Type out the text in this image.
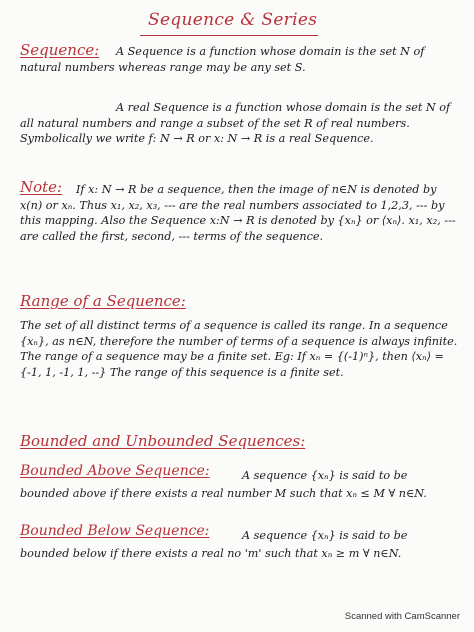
Sequence & Series
Sequence:	A Sequence is a function whose domain is the set N of natural numbers whereas range may be any set S.
A real Sequence is a function whose domain is the set N of all natural numbers and range a subset of the set R of real numbers. Symbolically we write f: N → R or x: N → R is a real Sequence.
Note:	If x: N → R be a sequence, then the image of n∈N is denoted by x(n) or xₙ. Thus x₁, x₂, x₃, --- are the real numbers associated to 1,2,3, --- by this mapping. Also the Sequence x:N → R is denoted by {xₙ} or ⟨xₙ⟩. x₁, x₂, --- are called the first, second, --- terms of the sequence.
Range of a Sequence:
The set of all distinct terms of a sequence is called its range. In a sequence {xₙ}, as n∈N, therefore the number of terms of a sequence is always infinite. The range of a sequence may be a finite set. Eg: If xₙ = {(-1)ⁿ}, then ⟨xₙ⟩ = {-1, 1, -1, 1, --} The range of this sequence is a finite set.
Bounded and Unbounded Sequences:
Bounded Above Sequence:	A sequence {xₙ} is said to be bounded above if there exists a real number M such that xₙ ≤ M ∀ n∈N.
Bounded Below Sequence:	A sequence {xₙ} is said to be bounded below if there exists a real no 'm' such that xₙ ≥ m ∀ n∈N.
Scanned with CamScanner
